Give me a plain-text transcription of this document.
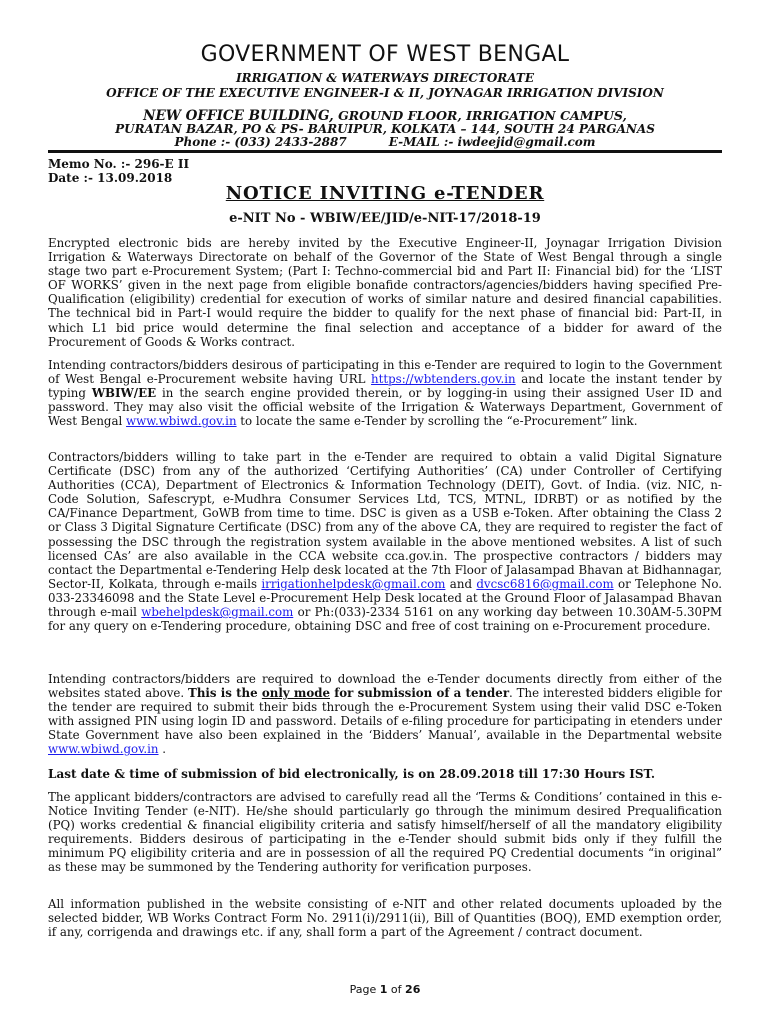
GOVERNMENT OF WEST BENGAL
IRRIGATION & WATERWAYS DIRECTORATE
OFFICE OF THE EXECUTIVE ENGINEER-I & II, JOYNAGAR IRRIGATION DIVISION
NEW OFFICE BUILDING, GROUND FLOOR, IRRIGATION CAMPUS,
PURATAN BAZAR, PO & PS- BARUIPUR, KOLKATA – 144, SOUTH 24 PARGANAS
Phone :- (033) 2433-2887	E-MAIL :- iwdeejid@gmail.com
Memo No. :- 296-E II
Date :- 13.09.2018
NOTICE INVITING e-TENDER
e-NIT No - WBIW/EE/JID/e-NIT-17/2018-19

Encrypted electronic bids are hereby invited by the Executive Engineer-II, Joynagar Irrigation Division Irrigation & Waterways Directorate on behalf of the Governor of the State of West Bengal through a single stage two part e-Procurement System; (Part I: Techno-commercial bid and Part II: Financial bid) for the ‘LIST OF WORKS’ given in the next page from eligible bonafide contractors/agencies/bidders having specified Pre-Qualification (eligibility) credential for execution of works of similar nature and desired financial capabilities. The technical bid in Part-I would require the bidder to qualify for the next phase of financial bid: Part-II, in which L1 bid price would determine the final selection and acceptance of a bidder for award of the Procurement of Goods & Works contract.

Intending contractors/bidders desirous of participating in this e-Tender are required to login to the Government of West Bengal e-Procurement website having URL https://wbtenders.gov.in and locate the instant tender by typing WBIW/EE in the search engine provided therein, or by logging-in using their assigned User ID and password. They may also visit the official website of the Irrigation & Waterways Department, Government of West Bengal www.wbiwd.gov.in to locate the same e-Tender by scrolling the “e-Procurement” link.

Contractors/bidders willing to take part in the e-Tender are required to obtain a valid Digital Signature Certificate (DSC) from any of the authorized ‘Certifying Authorities’ (CA) under Controller of Certifying Authorities (CCA), Department of Electronics & Information Technology (DEIT), Govt. of India. (viz. NIC, n-Code Solution, Safescrypt, e-Mudhra Consumer Services Ltd, TCS, MTNL, IDRBT) or as notified by the CA/Finance Department, GoWB from time to time. DSC is given as a USB e-Token. After obtaining the Class 2 or Class 3 Digital Signature Certificate (DSC) from any of the above CA, they are required to register the fact of possessing the DSC through the registration system available in the above mentioned websites. A list of such licensed CAs’ are also available in the CCA website cca.gov.in. The prospective contractors / bidders may contact the Departmental e-Tendering Help desk located at the 7th Floor of Jalasampad Bhavan at Bidhannagar, Sector-II, Kolkata, through e-mails irrigationhelpdesk@gmail.com and dvcsc6816@gmail.com or Telephone No. 033-23346098 and the State Level e-Procurement Help Desk located at the Ground Floor of Jalasampad Bhavan through e-mail wbehelpdesk@gmail.com or Ph:(033)-2334 5161 on any working day between 10.30AM-5.30PM for any query on e-Tendering procedure, obtaining DSC and free of cost training on e-Procurement procedure.

Intending contractors/bidders are required to download the e-Tender documents directly from either of the websites stated above. This is the only mode for submission of a tender. The interested bidders eligible for the tender are required to submit their bids through the e-Procurement System using their valid DSC e-Token with assigned PIN using login ID and password. Details of e-filing procedure for participating in etenders under State Government have also been explained in the ‘Bidders’ Manual’, available in the Departmental website www.wbiwd.gov.in .

Last date & time of submission of bid electronically, is on 28.09.2018 till 17:30 Hours IST.

The applicant bidders/contractors are advised to carefully read all the ‘Terms & Conditions’ contained in this e-Notice Inviting Tender (e-NIT). He/she should particularly go through the minimum desired Prequalification (PQ) works credential & financial eligibility criteria and satisfy himself/herself of all the mandatory eligibility requirements. Bidders desirous of participating in the e-Tender should submit bids only if they fulfill the minimum PQ eligibility criteria and are in possession of all the required PQ Credential documents “in original” as these may be summoned by the Tendering authority for verification purposes.

All information published in the website consisting of e-NIT and other related documents uploaded by the selected bidder, WB Works Contract Form No. 2911(i)/2911(ii), Bill of Quantities (BOQ), EMD exemption order, if any, corrigenda and drawings etc. if any, shall form a part of the Agreement / contract document.

Page 1 of 26
